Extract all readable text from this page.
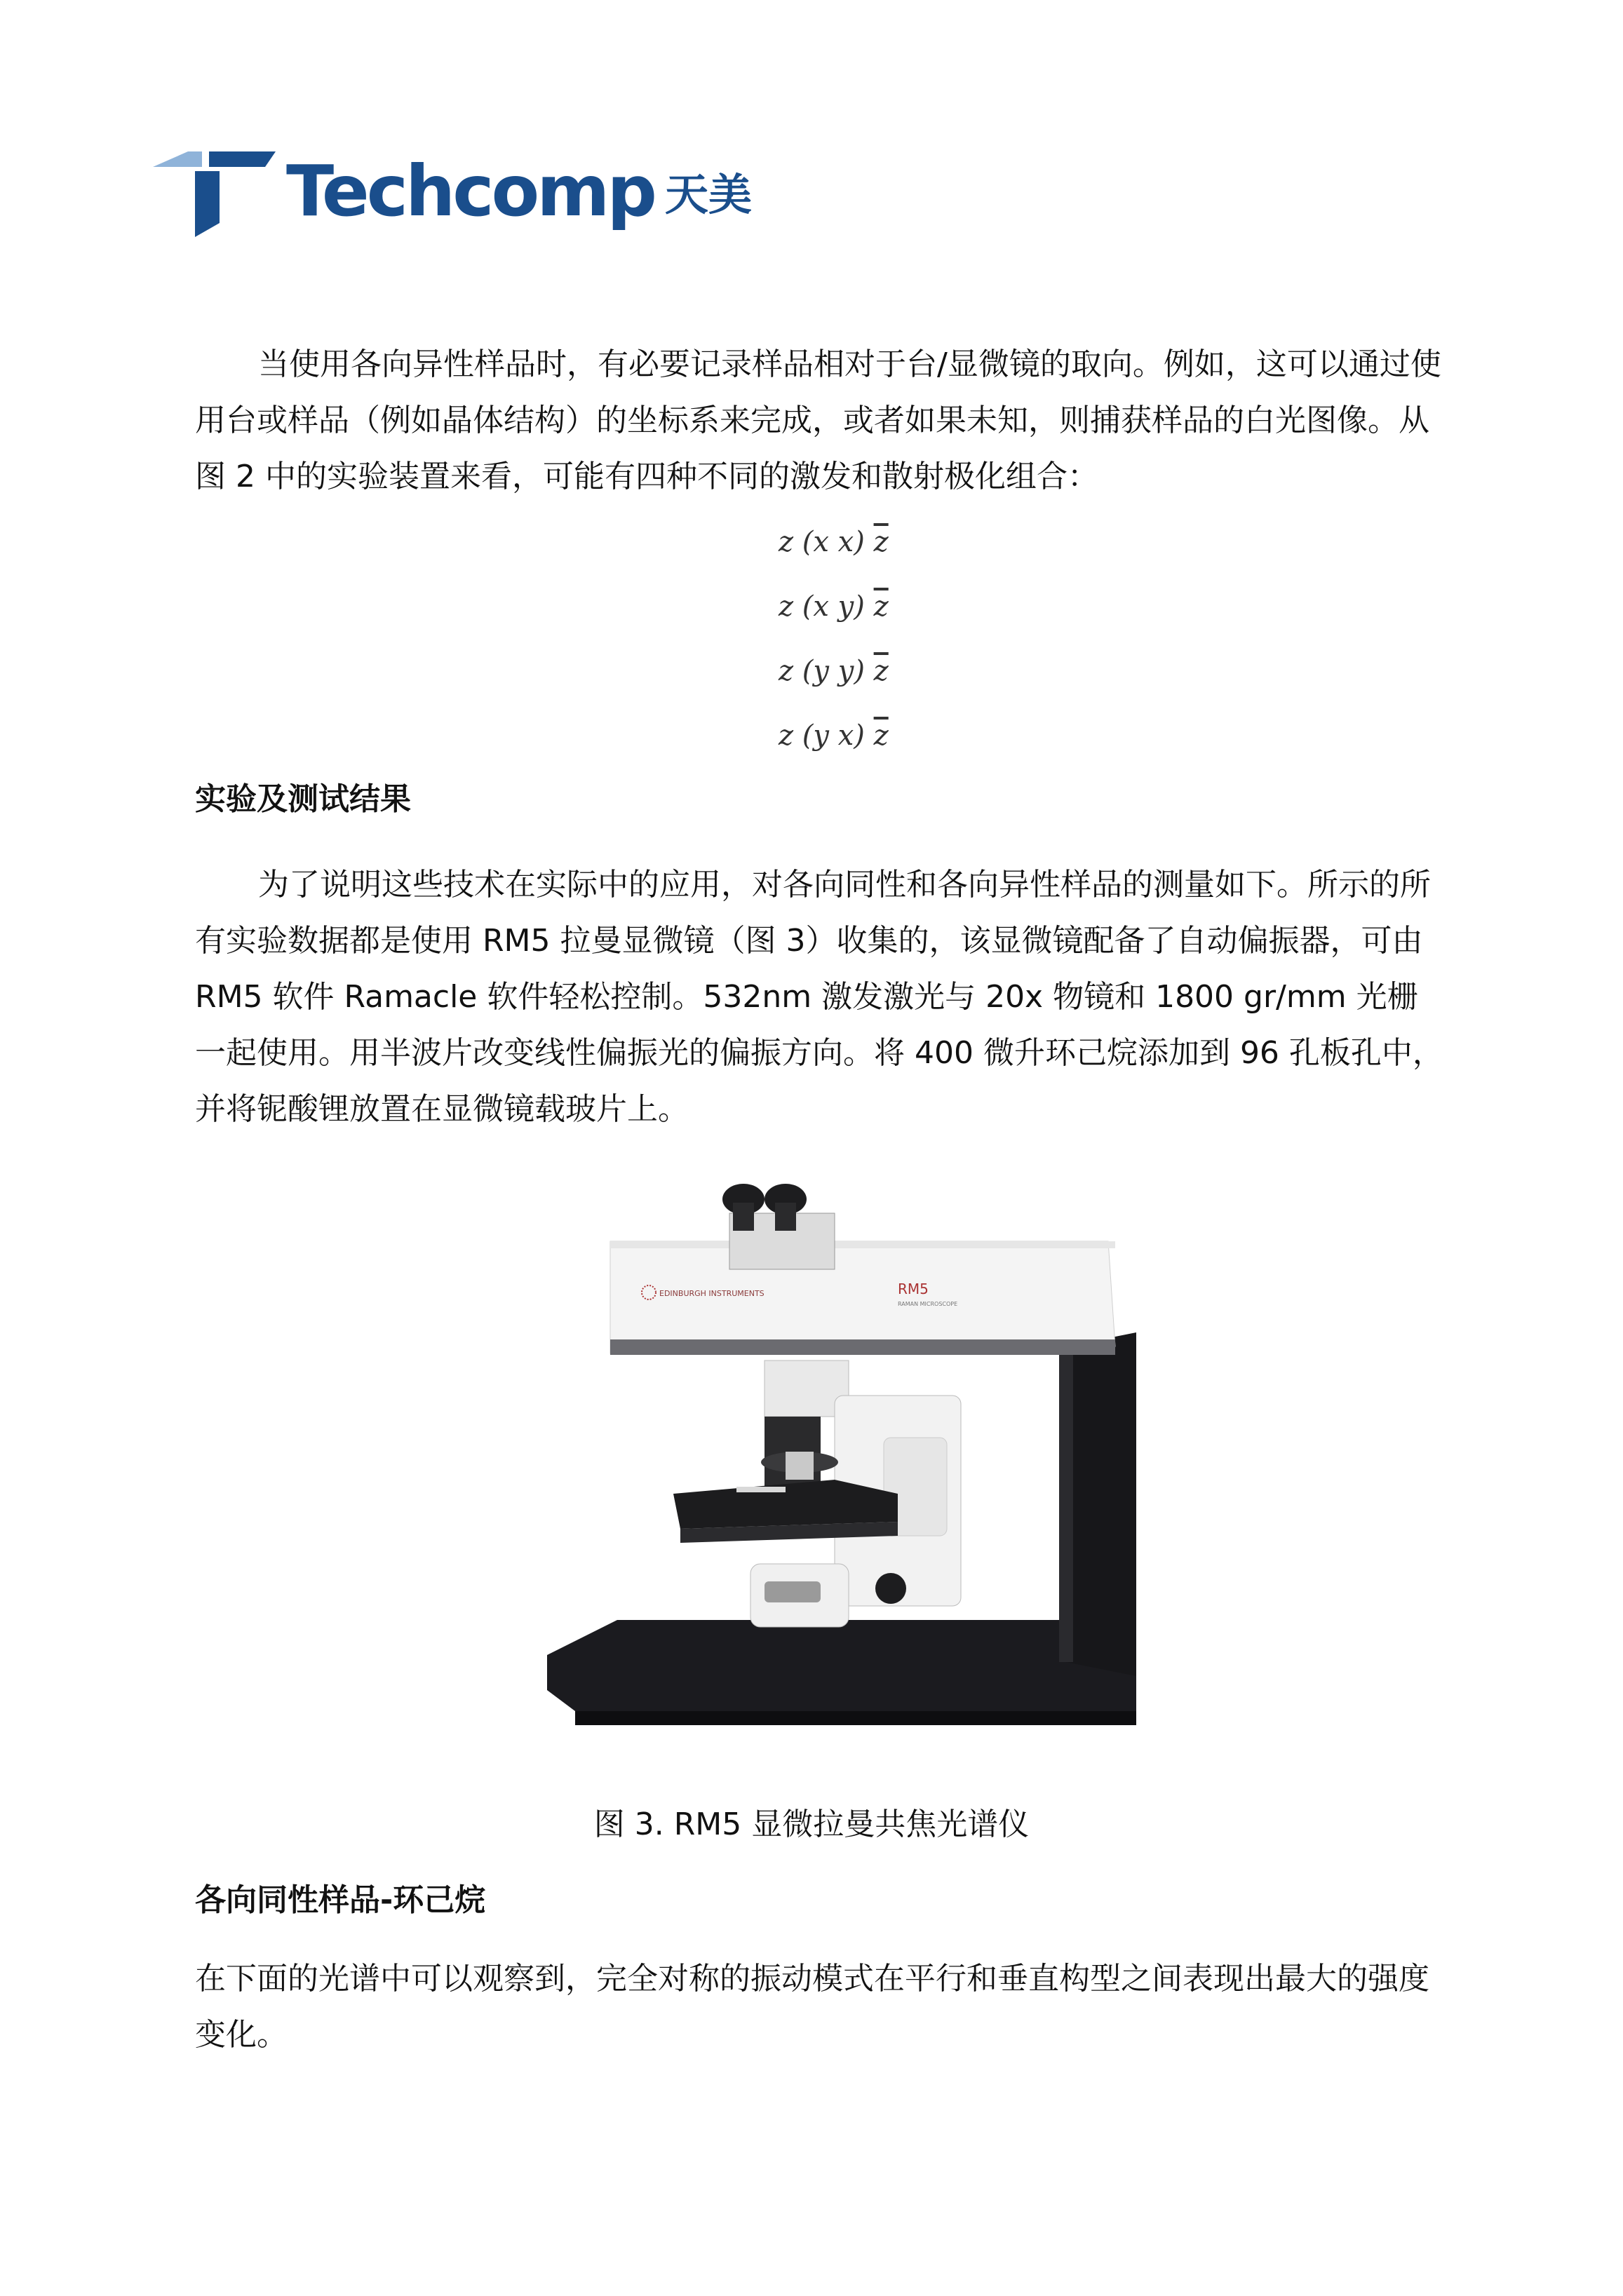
Techcomp 天美

当使用各向异性样品时，有必要记录样品相对于台/显微镜的取向。例如，这可以通过使用台或样品（例如晶体结构）的坐标系来完成，或者如果未知，则捕获样品的白光图像。从图 2 中的实验装置来看，可能有四种不同的激发和散射极化组合：

z (x x) $\overline{z}$
z (x y) $\overline{z}$
z (y y) $\overline{z}$
z (y x) $\overline{z}$
实验及测试结果

为了说明这些技术在实际中的应用，对各向同性和各向异性样品的测量如下。所示的所有实验数据都是使用 RM5 拉曼显微镜（图 3）收集的，该显微镜配备了自动偏振器，可由 RM5 软件 Ramacle 软件轻松控制。532nm 激发激光与 20x 物镜和 1800 gr/mm 光栅一起使用。用半波片改变线性偏振光的偏振方向。将 400 微升环己烷添加到 96 孔板孔中，并将铌酸锂放置在显微镜载玻片上。

EDINBURGH INSTRUMENTS	RM5
RAMAN MICROSCOPE
图 3. RM5 显微拉曼共焦光谱仪
各向同性样品-环己烷

在下面的光谱中可以观察到，完全对称的振动模式在平行和垂直构型之间表现出最大的强度变化。
